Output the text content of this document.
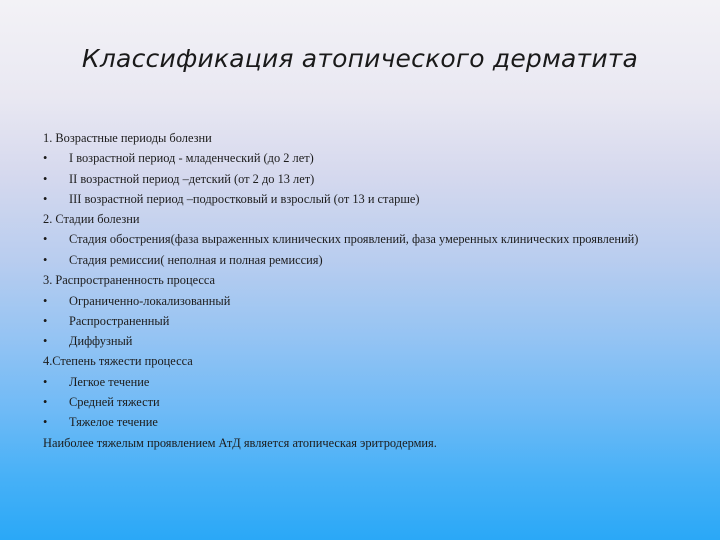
Классификация атопического дерматита
1. Возрастные периоды болезни
•	I возрастной период - младенческий (до 2 лет)
•	II возрастной период –детский (от 2 до 13 лет)
•	III возрастной период –подростковый и взрослый (от 13 и старше)
2. Стадии болезни
•	Стадия обострения(фаза выраженных клинических проявлений, фаза умеренных клинических проявлений)
•	Стадия ремиссии( неполная и полная ремиссия)
3. Распространенность процесса
•	Ограниченно-локализованный
•	Распространенный
•	Диффузный
4.Степень тяжести процесса
•	Легкое течение
•	Средней тяжести
•	Тяжелое течение
Наиболее тяжелым проявлением АтД является атопическая эритродермия.
